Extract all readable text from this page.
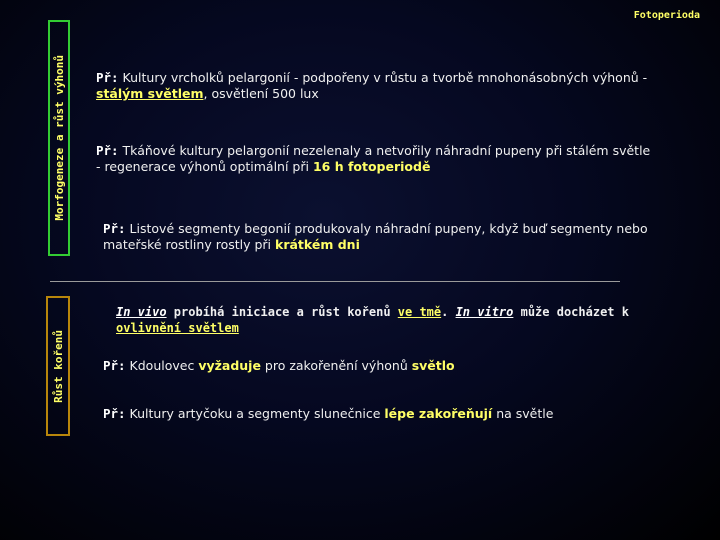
Fotoperioda
Morfogeneze a růst výhonů Př: Kultury vrcholků pelargonií - podpořeny v růstu a tvorbě mnohonásobných výhonů - stálým světlem, osvětlení 500 lux
Př: Tkáňové kultury pelargonií nezelenaly a netvořily náhradní pupeny při stálém světle - regenerace výhonů optimální při 16 h fotoperiodě
Př: Listové segmenty begonií produkovaly náhradní pupeny, když buď segmenty nebo mateřské rostliny rostly při krátkém dni
Růst kořenů
In vivo probíhá iniciace a růst kořenů ve tmě. In vitro může docházet k ovlivnění světlem
Př: Kdoulovec vyžaduje pro zakořenění výhonů světlo
Př: Kultury artyčoku a segmenty slunečnice lépe zakořeňují na světle
